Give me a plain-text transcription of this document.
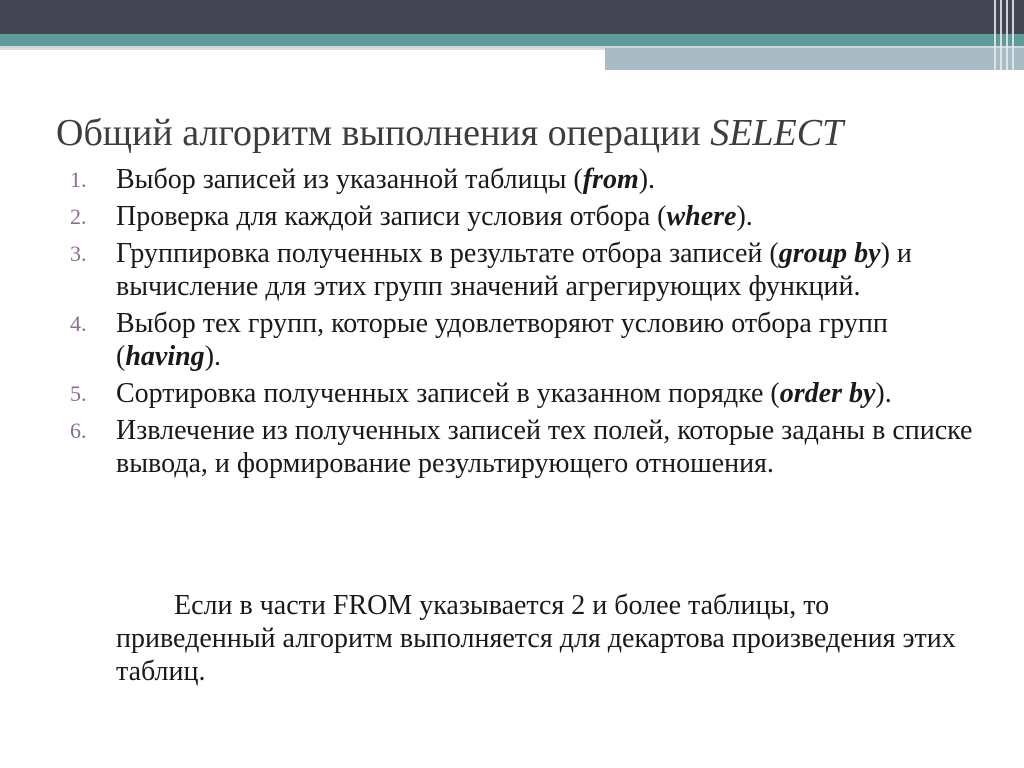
Общий алгоритм выполнения операции SELECT
1.	Выбор записей из указанной таблицы (from).
2.	Проверка для каждой записи условия отбора (where).
3.	Группировка полученных в результате отбора записей (group by) и вычисление для этих групп значений агрегирующих функций.
4.	Выбор тех групп, которые удовлетворяют условию отбора групп (having).
5.	Сортировка полученных записей в указанном порядке (order by).
6.	Извлечение из полученных записей тех полей, которые заданы в списке вывода, и формирование результирующего отношения.

Если в части FROM указывается 2 и более таблицы, то приведенный алгоритм выполняется для декартова произведения этих таблиц.
